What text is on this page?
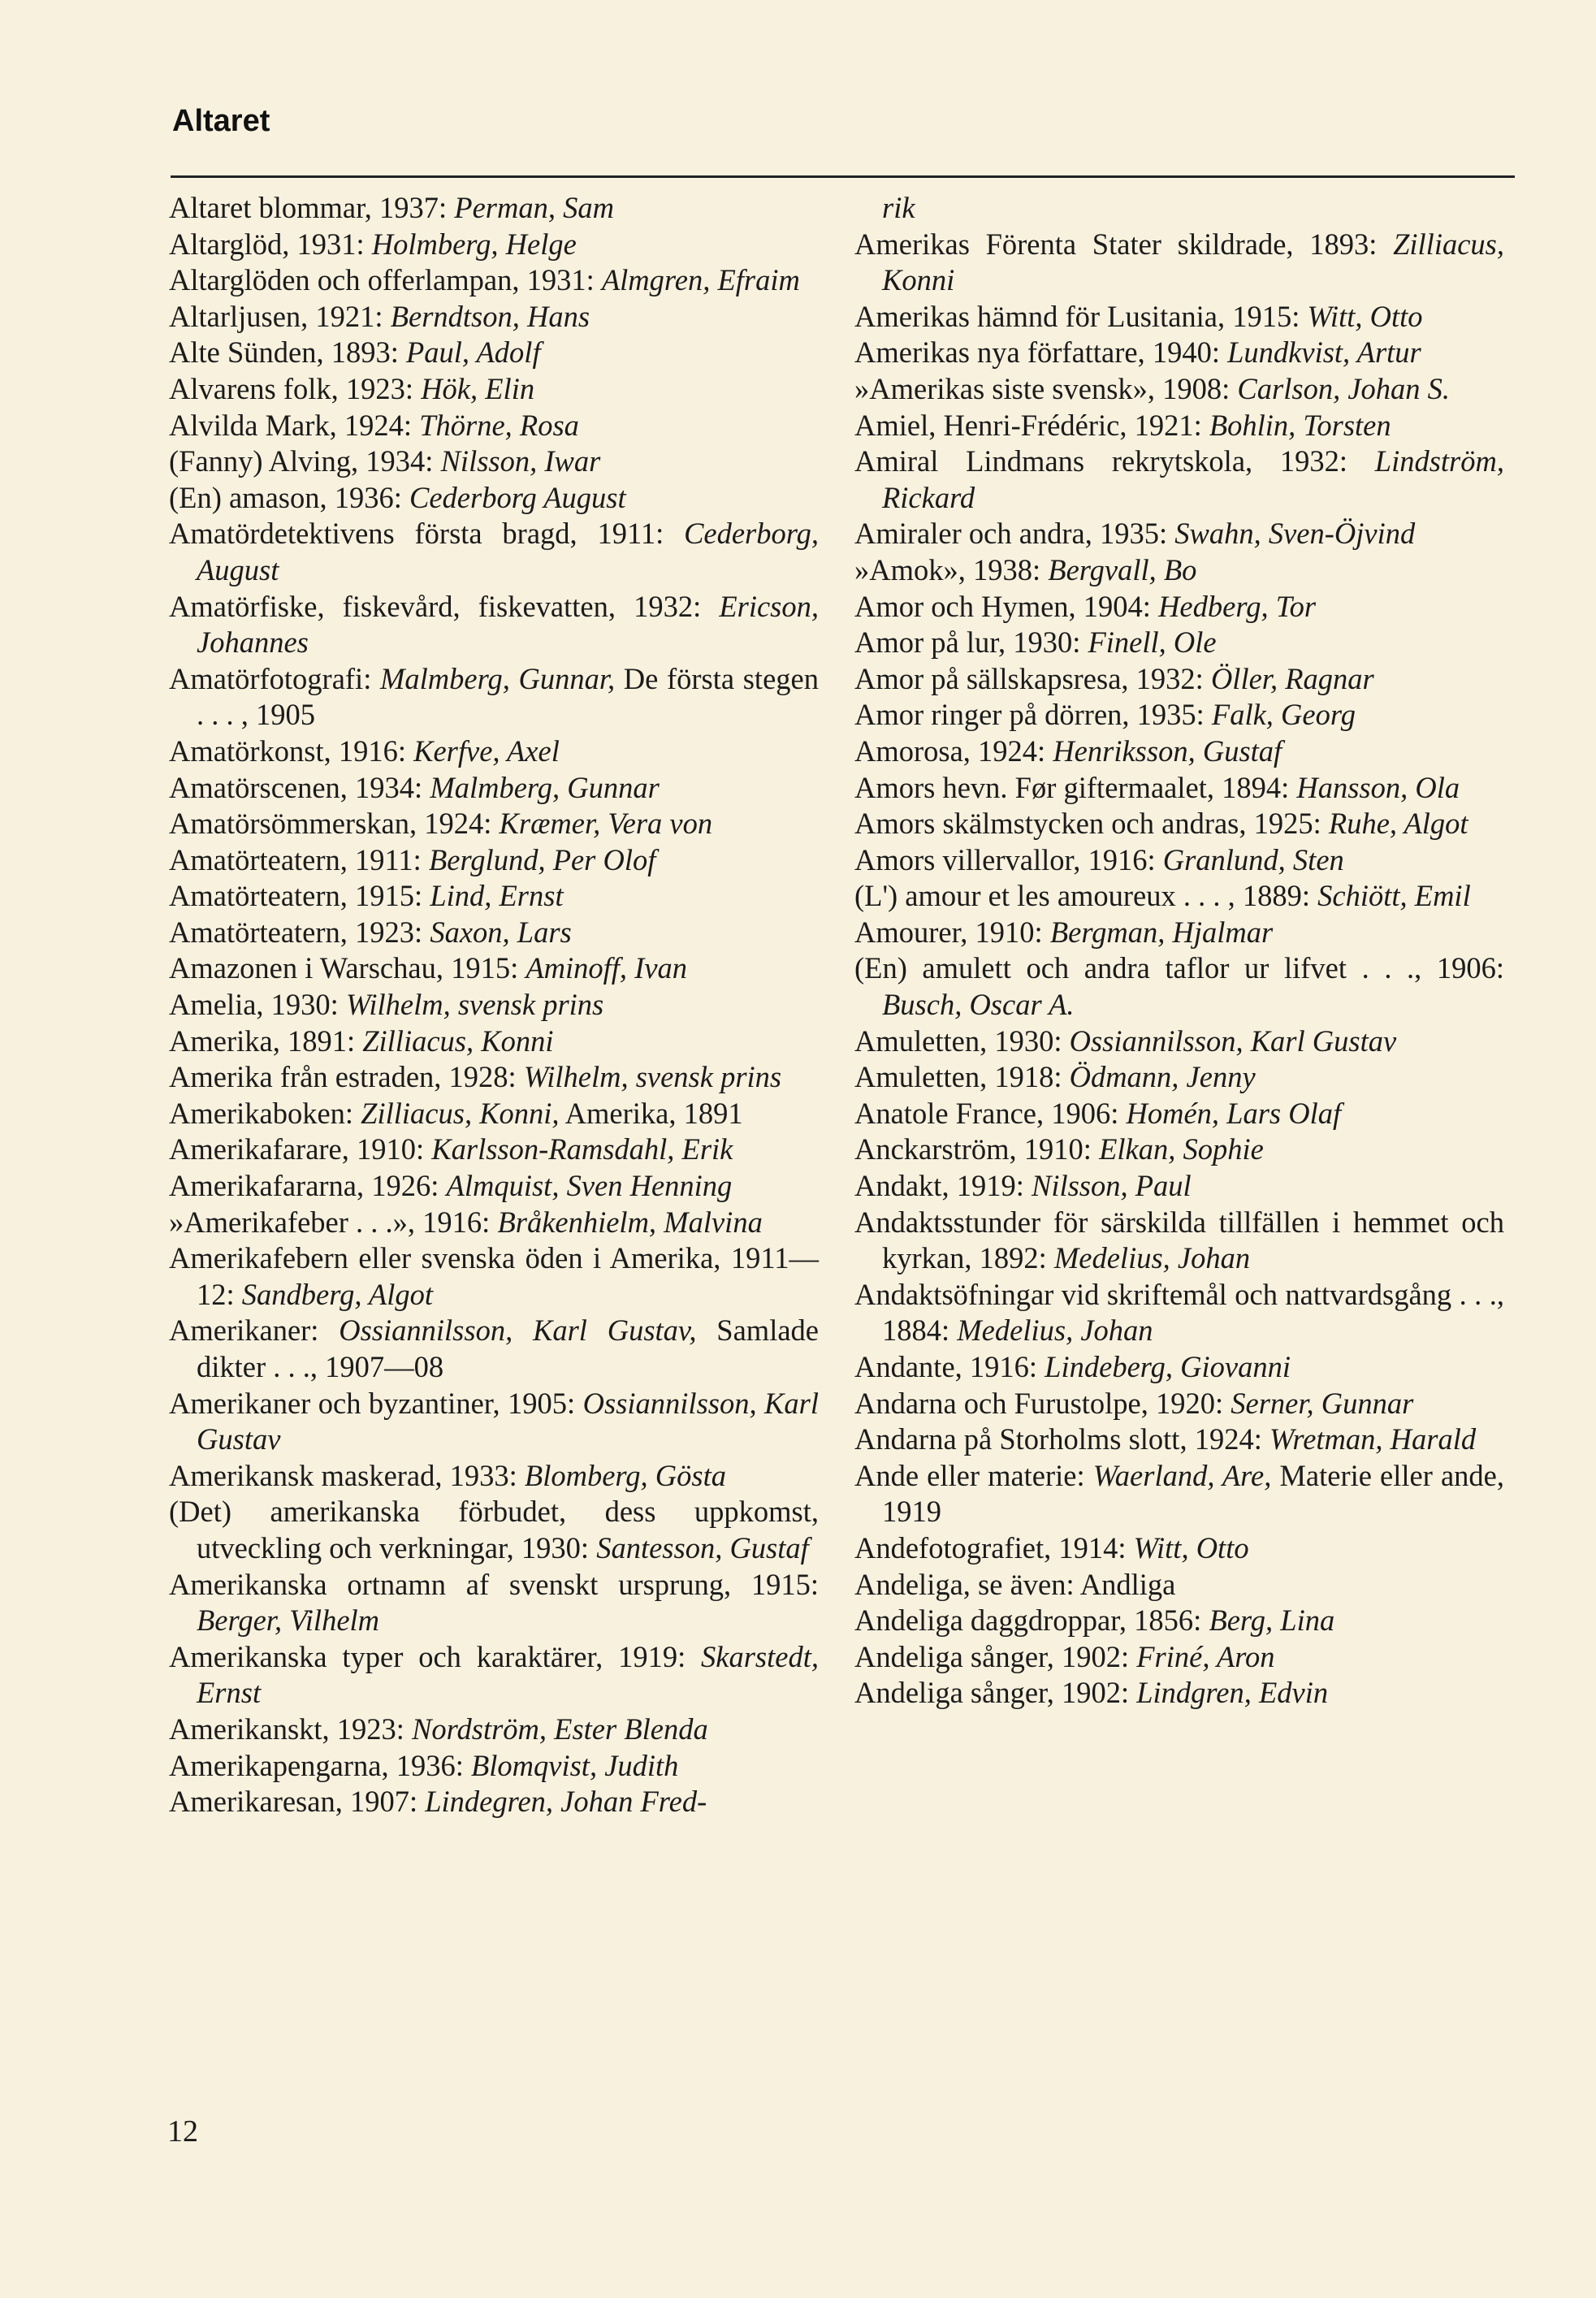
Altaret

Altaret blommar, 1937: Perman, Sam

Altarglöd, 1931: Holmberg, Helge

Altarglöden och offerlampan, 1931: Almgren, Efraim

Altarljusen, 1921: Berndtson, Hans

Alte Sünden, 1893: Paul, Adolf

Alvarens folk, 1923: Hök, Elin

Alvilda Mark, 1924: Thörne, Rosa

(Fanny) Alving, 1934: Nilsson, Iwar

(En) amason, 1936: Cederborg August

Amatördetektivens första bragd, 1911: Cederborg, August

Amatörfiske, fiskevård, fiskevatten, 1932: Ericson, Johannes

Amatörfotografi: Malmberg, Gunnar, De första stegen . . . , 1905

Amatörkonst, 1916: Kerfve, Axel

Amatörscenen, 1934: Malmberg, Gunnar

Amatörsömmerskan, 1924: Kræmer, Vera von

Amatörteatern, 1911: Berglund, Per Olof

Amatörteatern, 1915: Lind, Ernst

Amatörteatern, 1923: Saxon, Lars

Amazonen i Warschau, 1915: Aminoff, Ivan

Amelia, 1930: Wilhelm, svensk prins

Amerika, 1891: Zilliacus, Konni

Amerika från estraden, 1928: Wilhelm, svensk prins

Amerikaboken: Zilliacus, Konni, Amerika, 1891

Amerikafarare, 1910: Karlsson-Ramsdahl, Erik

Amerikafararna, 1926: Almquist, Sven Henning

»Amerikafeber . . .», 1916: Bråkenhielm, Malvina

Amerikafebern eller svenska öden i Amerika, 1911—12: Sandberg, Algot

Amerikaner: Ossiannilsson, Karl Gustav, Samlade dikter . . ., 1907—08

Amerikaner och byzantiner, 1905: Ossiannilsson, Karl Gustav

Amerikansk maskerad, 1933: Blomberg, Gösta

(Det) amerikanska förbudet, dess uppkomst, utveckling och verkningar, 1930: Santesson, Gustaf

Amerikanska ortnamn af svenskt ursprung, 1915: Berger, Vilhelm

Amerikanska typer och karaktärer, 1919: Skarstedt, Ernst

Amerikanskt, 1923: Nordström, Ester Blenda

Amerikapengarna, 1936: Blomqvist, Judith

Amerikaresan, 1907: Lindegren, Johan Fred-

rik

Amerikas Förenta Stater skildrade, 1893: Zilliacus, Konni

Amerikas hämnd för Lusitania, 1915: Witt, Otto

Amerikas nya författare, 1940: Lundkvist, Artur

»Amerikas siste svensk», 1908: Carlson, Johan S.

Amiel, Henri-Frédéric, 1921: Bohlin, Torsten

Amiral Lindmans rekrytskola, 1932: Lindström, Rickard

Amiraler och andra, 1935: Swahn, Sven-Öjvind

»Amok», 1938: Bergvall, Bo

Amor och Hymen, 1904: Hedberg, Tor

Amor på lur, 1930: Finell, Ole

Amor på sällskapsresa, 1932: Öller, Ragnar

Amor ringer på dörren, 1935: Falk, Georg

Amorosa, 1924: Henriksson, Gustaf

Amors hevn. Før giftermaalet, 1894: Hansson, Ola

Amors skälmstycken och andras, 1925: Ruhe, Algot

Amors villervallor, 1916: Granlund, Sten

(L') amour et les amoureux . . . , 1889: Schiött, Emil

Amourer, 1910: Bergman, Hjalmar

(En) amulett och andra taflor ur lifvet . . ., 1906: Busch, Oscar A.

Amuletten, 1930: Ossiannilsson, Karl Gustav

Amuletten, 1918: Ödmann, Jenny

Anatole France, 1906: Homén, Lars Olaf

Anckarström, 1910: Elkan, Sophie

Andakt, 1919: Nilsson, Paul

Andaktsstunder för särskilda tillfällen i hemmet och kyrkan, 1892: Medelius, Johan

Andaktsöfningar vid skriftemål och nattvardsgång . . ., 1884: Medelius, Johan

Andante, 1916: Lindeberg, Giovanni

Andarna och Furustolpe, 1920: Serner, Gunnar

Andarna på Storholms slott, 1924: Wretman, Harald

Ande eller materie: Waerland, Are, Materie eller ande, 1919

Andefotografiet, 1914: Witt, Otto

Andeliga, se även: Andliga

Andeliga daggdroppar, 1856: Berg, Lina

Andeliga sånger, 1902: Friné, Aron

Andeliga sånger, 1902: Lindgren, Edvin

12
